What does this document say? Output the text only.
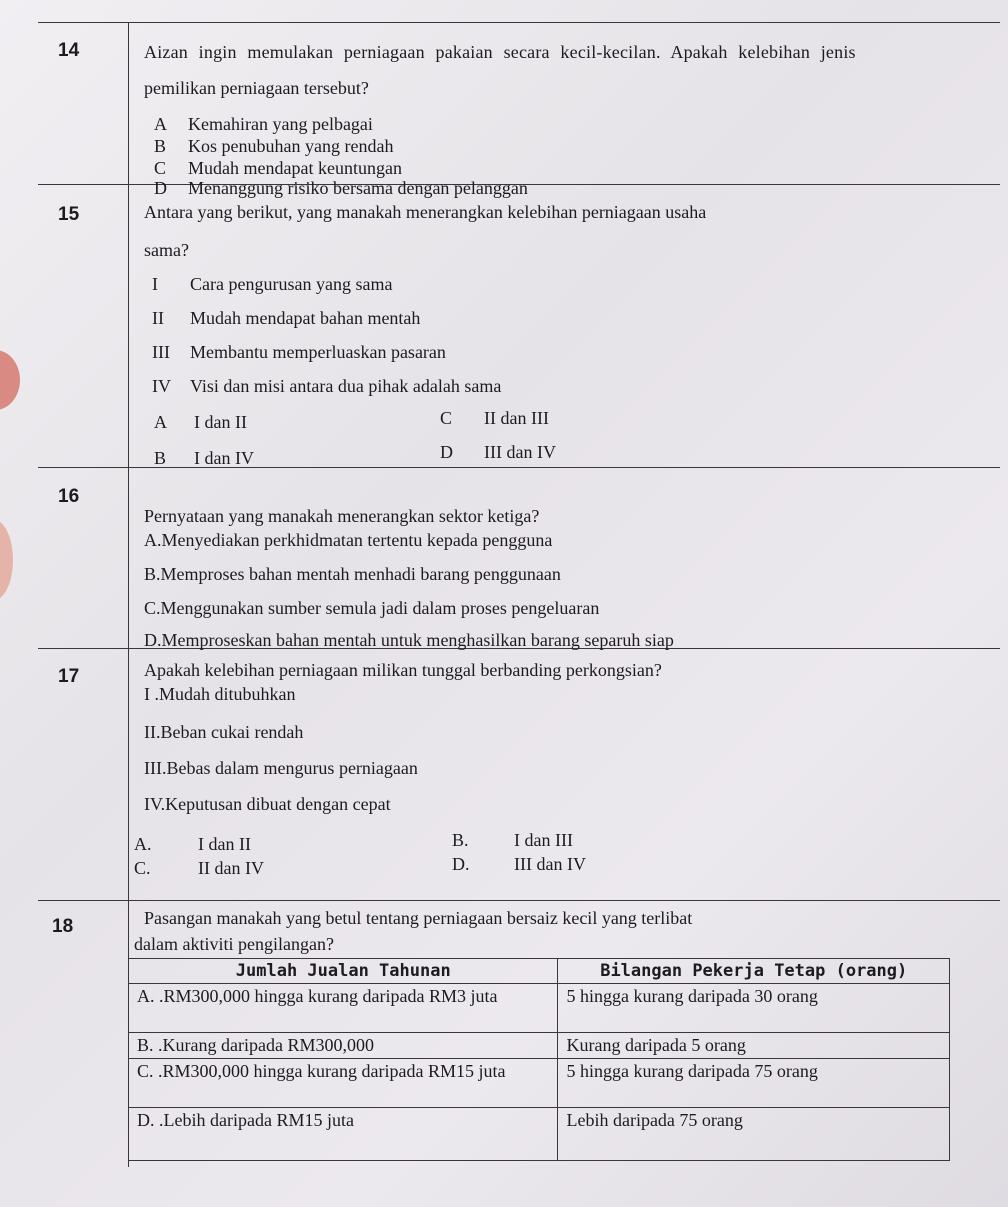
14	Aizan ingin memulakan perniagaan pakaian secara kecil-kecilan. Apakah kelebihan jenis
pemilikan perniagaan tersebut?
A Kemahiran yang pelbagai
B Kos penubuhan yang rendah
C Mudah mendapat keuntungan
D Menanggung risiko bersama dengan pelanggan
15	Antara yang berikut, yang manakah menerangkan kelebihan perniagaan usaha
sama?
I Cara pengurusan yang sama
II Mudah mendapat bahan mentah
III Membantu memperluaskan pasaran
IV Visi dan misi antara dua pihak adalah sama
A I dan II	C II dan III
B I dan IV	D III dan IV
16
Pernyataan yang manakah menerangkan sektor ketiga?
A.Menyediakan perkhidmatan tertentu kepada pengguna
B.Memproses bahan mentah menhadi barang penggunaan
C.Menggunakan sumber semula jadi dalam proses pengeluaran
D.Memproseskan bahan mentah untuk menghasilkan barang separuh siap
17	Apakah kelebihan perniagaan milikan tunggal berbanding perkongsian?
I .Mudah ditubuhkan
II.Beban cukai rendah
III.Bebas dalam mengurus perniagaan
IV.Keputusan dibuat dengan cepat
A.	I dan II	B.	I dan III
C.	II dan IV	D. III dan IV
18	Pasangan manakah yang betul tentang perniagaan bersaiz kecil yang terlibat
dalam aktiviti pengilangan?
Jumlah Jualan Tahunan	Bilangan Pekerja Tetap (orang)
A. .RM300,000 hingga kurang daripada RM3 juta	5 hingga kurang daripada 30 orang
B. .Kurang daripada RM300,000	Kurang daripada 5 orang
C. .RM300,000 hingga kurang daripada RM15 juta	5 hingga kurang daripada 75 orang
D. .Lebih daripada RM15 juta	Lebih daripada 75 orang
